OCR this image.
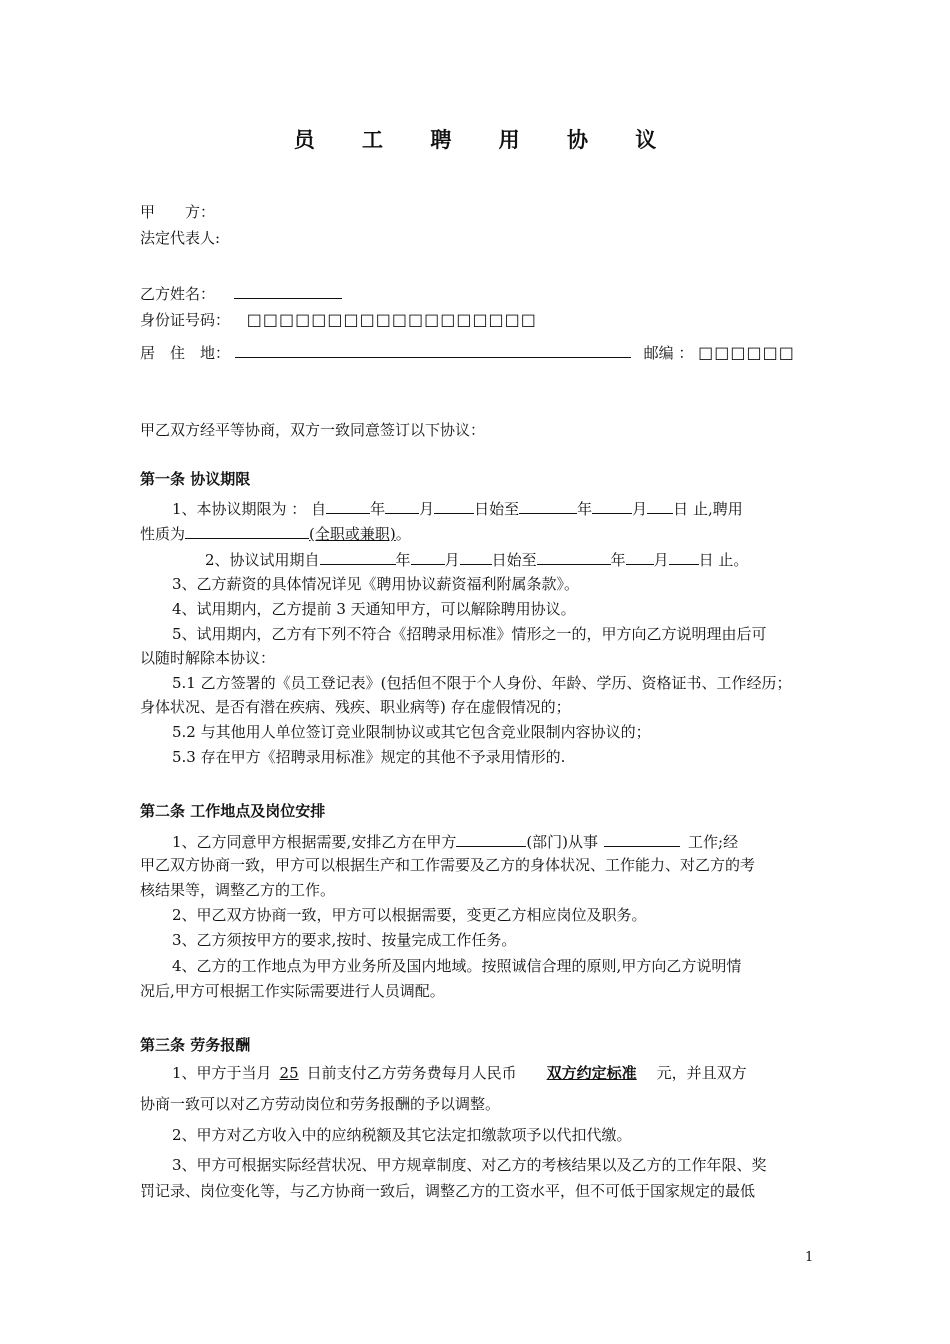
员 工 聘 用 协 议
甲　　方：
法定代表人:
乙方姓名：
身份证号码： □□□□□□□□□□□□□□□□□□
居　住　地：	邮编 ： □□□□□□
甲乙双方经平等协商，双方一致同意签订以下协议：
第一条 协议期限
1、本协议期限为 ： 自	年 月	日始至	年	月 日 止,聘用
性质为	(全职或兼职)。
2、协议试用期自	年 月 日始至	年 月 日 止。
3、乙方薪资的具体情况详见《聘用协议薪资福利附属条款》。
4、试用期内，乙方提前 3 天通知甲方，可以解除聘用协议。
5、试用期内，乙方有下列不符合《招聘录用标准》情形之一的，甲方向乙方说明理由后可
以随时解除本协议：
5.1 乙方签署的《员工登记表》(包括但不限于个人身份、年龄、学历、资格证书、工作经历；
身体状况、是否有潜在疾病、残疾、职业病等) 存在虚假情况的；
5.2 与其他用人单位签订竞业限制协议或其它包含竞业限制内容协议的；
5.3 存在甲方《招聘录用标准》规定的其他不予录用情形的.
第二条 工作地点及岗位安排
1、乙方同意甲方根据需要,安排乙方在甲方	(部门)从事	工作;经
甲乙双方协商一致，甲方可以根据生产和工作需要及乙方的身体状况、工作能力、对乙方的考
核结果等，调整乙方的工作。
2、甲乙双方协商一致，甲方可以根据需要，变更乙方相应岗位及职务。
3、乙方须按甲方的要求,按时、按量完成工作任务。
4、乙方的工作地点为甲方业务所及国内地域。按照诚信合理的原则,甲方向乙方说明情
况后,甲方可根据工作实际需要进行人员调配。
第三条 劳务报酬
1、甲方于当月 25 日前支付乙方劳务费每月人民币 双方约定标准 元，并且双方
协商一致可以对乙方劳动岗位和劳务报酬的予以调整。
2、甲方对乙方收入中的应纳税额及其它法定扣缴款项予以代扣代缴。
3、甲方可根据实际经营状况、甲方规章制度、对乙方的考核结果以及乙方的工作年限、奖
罚记录、岗位变化等，与乙方协商一致后，调整乙方的工资水平，但不可低于国家规定的最低
1
